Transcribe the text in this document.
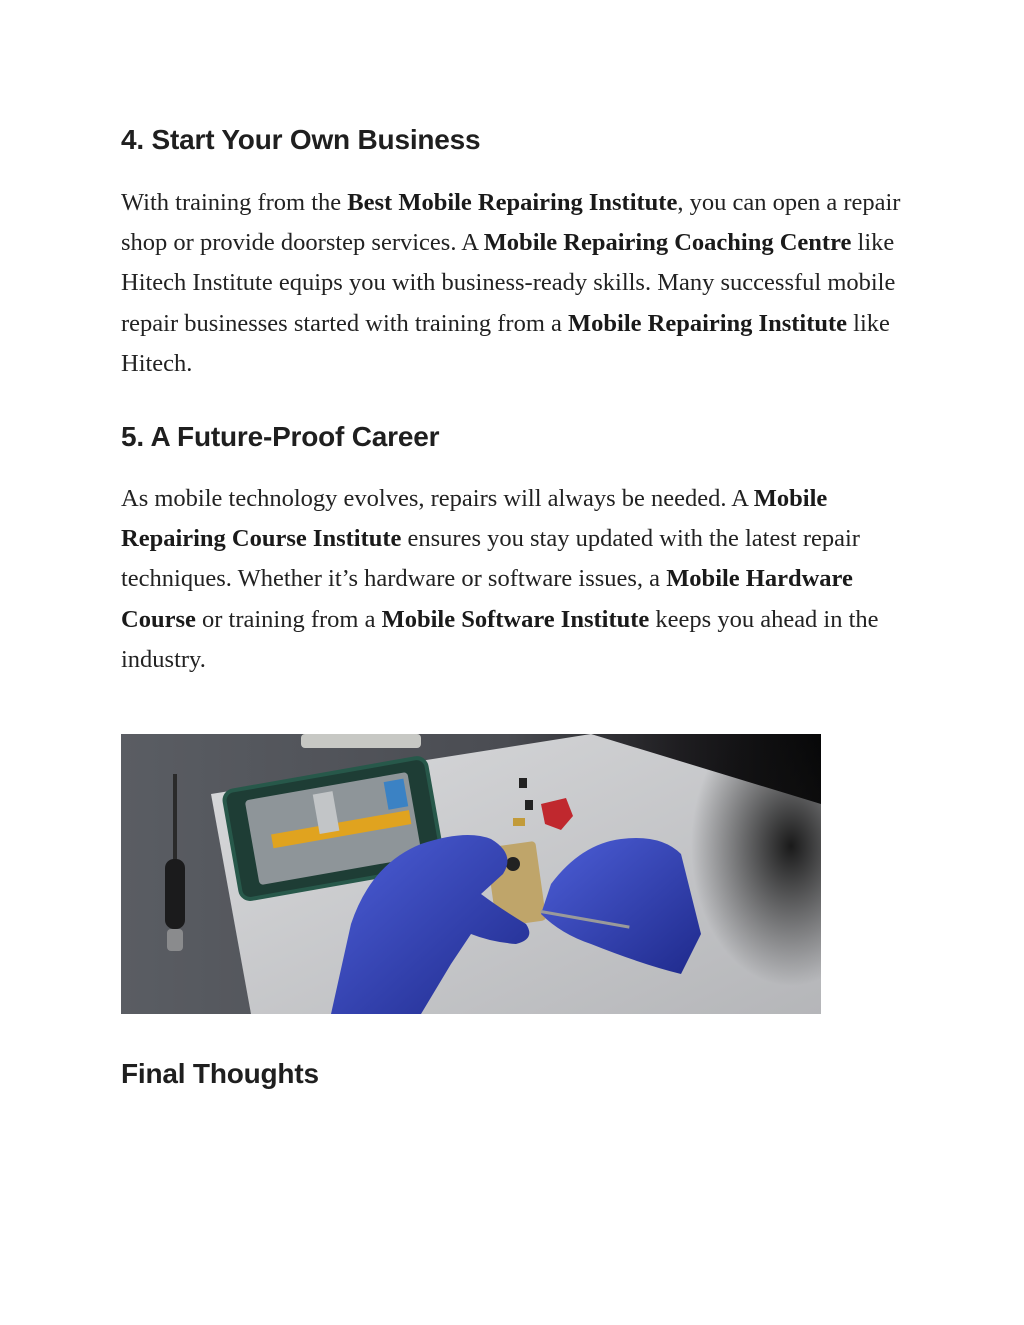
4. Start Your Own Business

With training from the Best Mobile Repairing Institute, you can open a repair shop or provide doorstep services. A Mobile Repairing Coaching Centre like Hitech Institute equips you with business-ready skills. Many successful mobile repair businesses started with training from a Mobile Repairing Institute like Hitech.

5. A Future-Proof Career

As mobile technology evolves, repairs will always be needed. A Mobile Repairing Course Institute ensures you stay updated with the latest repair techniques. Whether it’s hardware or software issues, a Mobile Hardware Course or training from a Mobile Software Institute keeps you ahead in the industry.

Final Thoughts
